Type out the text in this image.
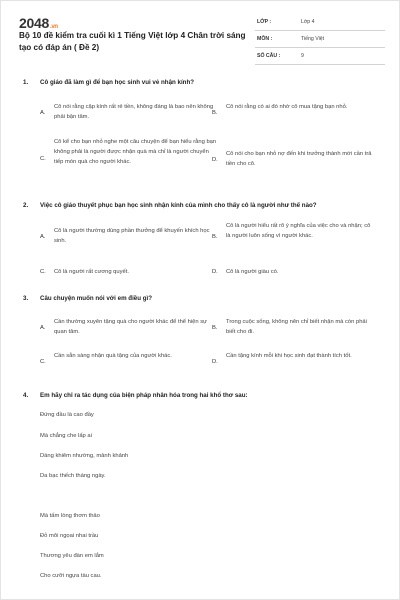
2048.vn
Bộ 10 đề kiểm tra cuối kì 1 Tiếng Việt lớp 4 Chân trời sáng tạo có đáp án ( Đề 2)
LỚP :	Lớp 4
MÔN :	Tiếng Việt
SỐ CÂU :	9
1. Cô giáo đã làm gì để bạn học sinh vui vẻ nhận kính?
A.
Cô nói rằng cặp kính rất rẻ tiền, không đáng là bao nên không phải bận tâm.
B.
Cô nói rằng có ai đó nhờ cô mua tặng bạn nhỏ.
C.
Cô kể cho bạn nhỏ nghe một câu chuyện để bạn hiểu rằng bạn không phải là người được nhận quà mà chỉ là người chuyển tiếp món quà cho người khác.	D.
Cô nói cho bạn nhỏ nợ đến khi trưởng thành mới cần trả tiền cho cô.
2. Việc cô giáo thuyết phục bạn học sinh nhận kính của mình cho thấy cô là người như thế nào?
A.
Cô là người thường dùng phần thưởng để khuyến khích học sinh.
B.
Cô là người hiểu rất rõ ý nghĩa của việc cho và nhận; cô là người luôn sống vì người khác.
C. Cô là người rất cương quyết.	D. Cô là người giàu có.
3. Câu chuyện muốn nói với em điều gì?
A.
Cần thường xuyên tặng quà cho người khác để thể hiện sự quan tâm.
B.
Trong cuộc sống, không nên chỉ biết nhận mà còn phải biết cho đi.
C.
Cần sẵn sàng nhận quà tặng của người khác.
D.
Cần tặng kính mỗi khi học sinh đạt thành tích tốt.
4. Em hãy chỉ ra tác dụng của biện pháp nhân hóa trong hai khổ thơ sau:
Đứng đầu là cao đầy
Mà chẳng che lấp ai
Dáng khiêm nhường, mảnh khảnh
Da bạc thếch tháng ngày.
Mà tấm lòng thơm thảo
Đỏ môi ngọai nhai trầu
Thương yêu đàn em lắm
Cho cưỡi ngựa tàu cau.
